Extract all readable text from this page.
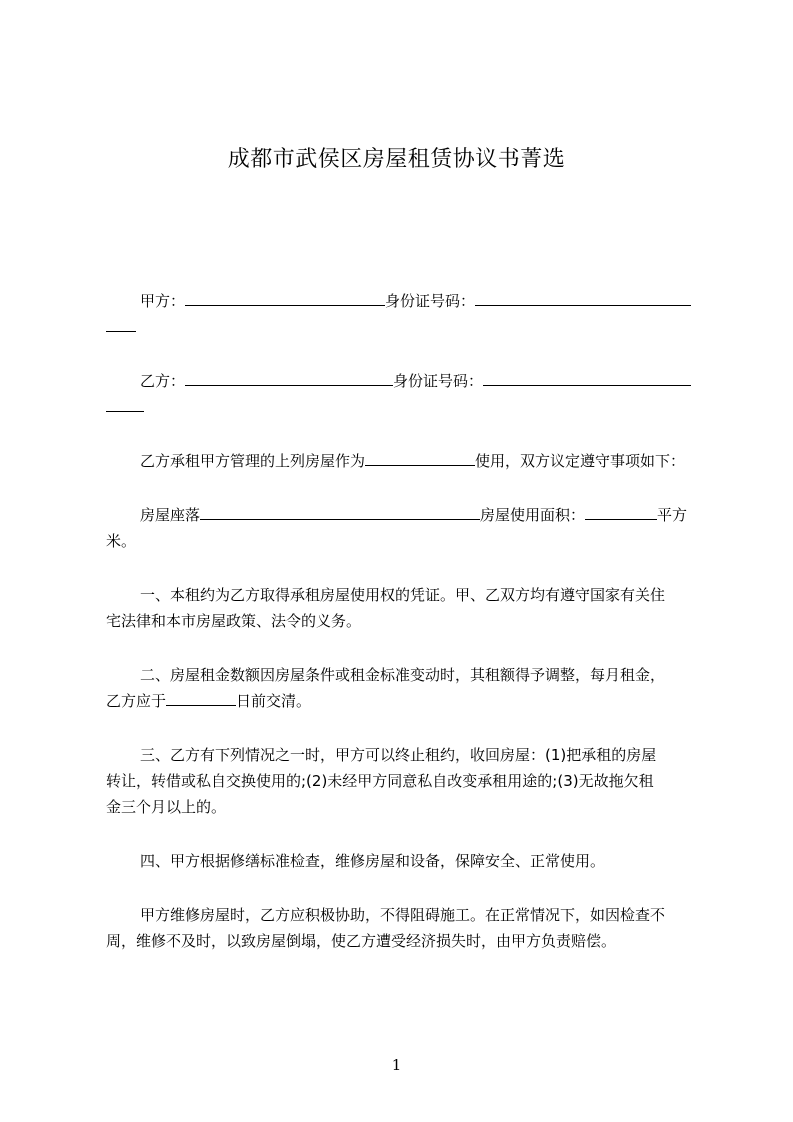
成都市武侯区房屋租赁协议书菁选
甲方：	身份证号码：
乙方：	身份证号码：
乙方承租甲方管理的上列房屋作为	使用，双方议定遵守事项如下：
房屋座落	房屋使用面积：	平方
米。
一、本租约为乙方取得承租房屋使用权的凭证。甲、乙双方均有遵守国家有关住
宅法律和本市房屋政策、法令的义务。
二、房屋租金数额因房屋条件或租金标准变动时，其租额得予调整，每月租金，
乙方应于	日前交清。
三、乙方有下列情况之一时，甲方可以终止租约，收回房屋：(1)把承租的房屋
转让，转借或私自交换使用的;(2)未经甲方同意私自改变承租用途的;(3)无故拖欠租
金三个月以上的。
四、甲方根据修缮标准检查，维修房屋和设备，保障安全、正常使用。
甲方维修房屋时，乙方应积极协助，不得阻碍施工。在正常情况下，如因检查不
周，维修不及时，以致房屋倒塌，使乙方遭受经济损失时，由甲方负责赔偿。
1
